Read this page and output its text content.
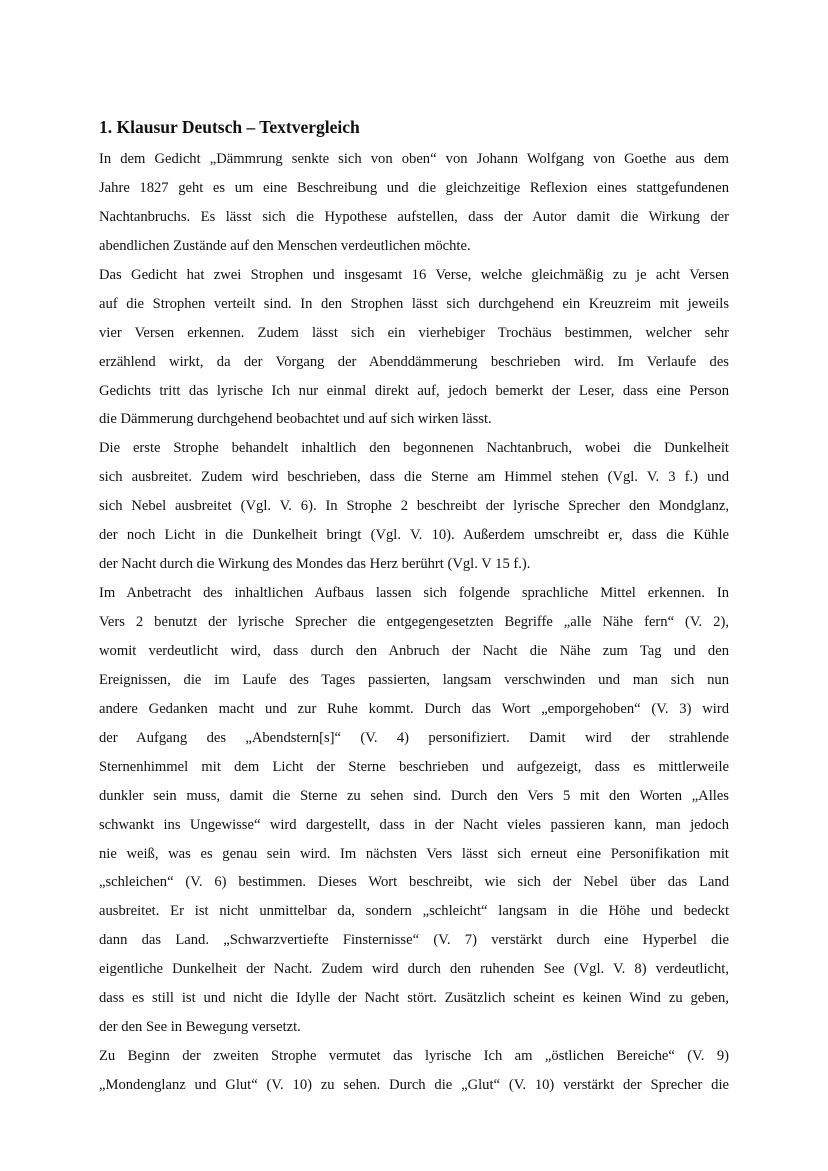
1. Klausur Deutsch – Textvergleich
In dem Gedicht „Dämmrung senkte sich von oben“ von Johann Wolfgang von Goethe aus dem
Jahre 1827 geht es um eine Beschreibung und die gleichzeitige Reflexion eines stattgefundenen
Nachtanbruchs. Es lässt sich die Hypothese aufstellen, dass der Autor damit die Wirkung der
abendlichen Zustände auf den Menschen verdeutlichen möchte.
Das Gedicht hat zwei Strophen und insgesamt 16 Verse, welche gleichmäßig zu je acht Versen
auf die Strophen verteilt sind. In den Strophen lässt sich durchgehend ein Kreuzreim mit jeweils
vier Versen erkennen. Zudem lässt sich ein vierhebiger Trochäus bestimmen, welcher sehr
erzählend wirkt, da der Vorgang der Abenddämmerung beschrieben wird. Im Verlaufe des
Gedichts tritt das lyrische Ich nur einmal direkt auf, jedoch bemerkt der Leser, dass eine Person
die Dämmerung durchgehend beobachtet und auf sich wirken lässt.
Die erste Strophe behandelt inhaltlich den begonnenen Nachtanbruch, wobei die Dunkelheit
sich ausbreitet. Zudem wird beschrieben, dass die Sterne am Himmel stehen (Vgl. V. 3 f.) und
sich Nebel ausbreitet (Vgl. V. 6). In Strophe 2 beschreibt der lyrische Sprecher den Mondglanz,
der noch Licht in die Dunkelheit bringt (Vgl. V. 10). Außerdem umschreibt er, dass die Kühle
der Nacht durch die Wirkung des Mondes das Herz berührt (Vgl. V 15 f.).
Im Anbetracht des inhaltlichen Aufbaus lassen sich folgende sprachliche Mittel erkennen. In
Vers 2 benutzt der lyrische Sprecher die entgegengesetzten Begriffe „alle Nähe fern“ (V. 2),
womit verdeutlicht wird, dass durch den Anbruch der Nacht die Nähe zum Tag und den
Ereignissen, die im Laufe des Tages passierten, langsam verschwinden und man sich nun
andere Gedanken macht und zur Ruhe kommt. Durch das Wort „emporgehoben“ (V. 3) wird
der Aufgang des „Abendstern[s]“ (V. 4) personifiziert. Damit wird der strahlende
Sternenhimmel mit dem Licht der Sterne beschrieben und aufgezeigt, dass es mittlerweile
dunkler sein muss, damit die Sterne zu sehen sind. Durch den Vers 5 mit den Worten „Alles
schwankt ins Ungewisse“ wird dargestellt, dass in der Nacht vieles passieren kann, man jedoch
nie weiß, was es genau sein wird. Im nächsten Vers lässt sich erneut eine Personifikation mit
„schleichen“ (V. 6) bestimmen. Dieses Wort beschreibt, wie sich der Nebel über das Land
ausbreitet. Er ist nicht unmittelbar da, sondern „schleicht“ langsam in die Höhe und bedeckt
dann das Land. „Schwarzvertiefte Finsternisse“ (V. 7) verstärkt durch eine Hyperbel die
eigentliche Dunkelheit der Nacht. Zudem wird durch den ruhenden See (Vgl. V. 8) verdeutlicht,
dass es still ist und nicht die Idylle der Nacht stört. Zusätzlich scheint es keinen Wind zu geben,
der den See in Bewegung versetzt.
Zu Beginn der zweiten Strophe vermutet das lyrische Ich am „östlichen Bereiche“ (V. 9)
„Mondenglanz und Glut“ (V. 10) zu sehen. Durch die „Glut“ (V. 10) verstärkt der Sprecher die
